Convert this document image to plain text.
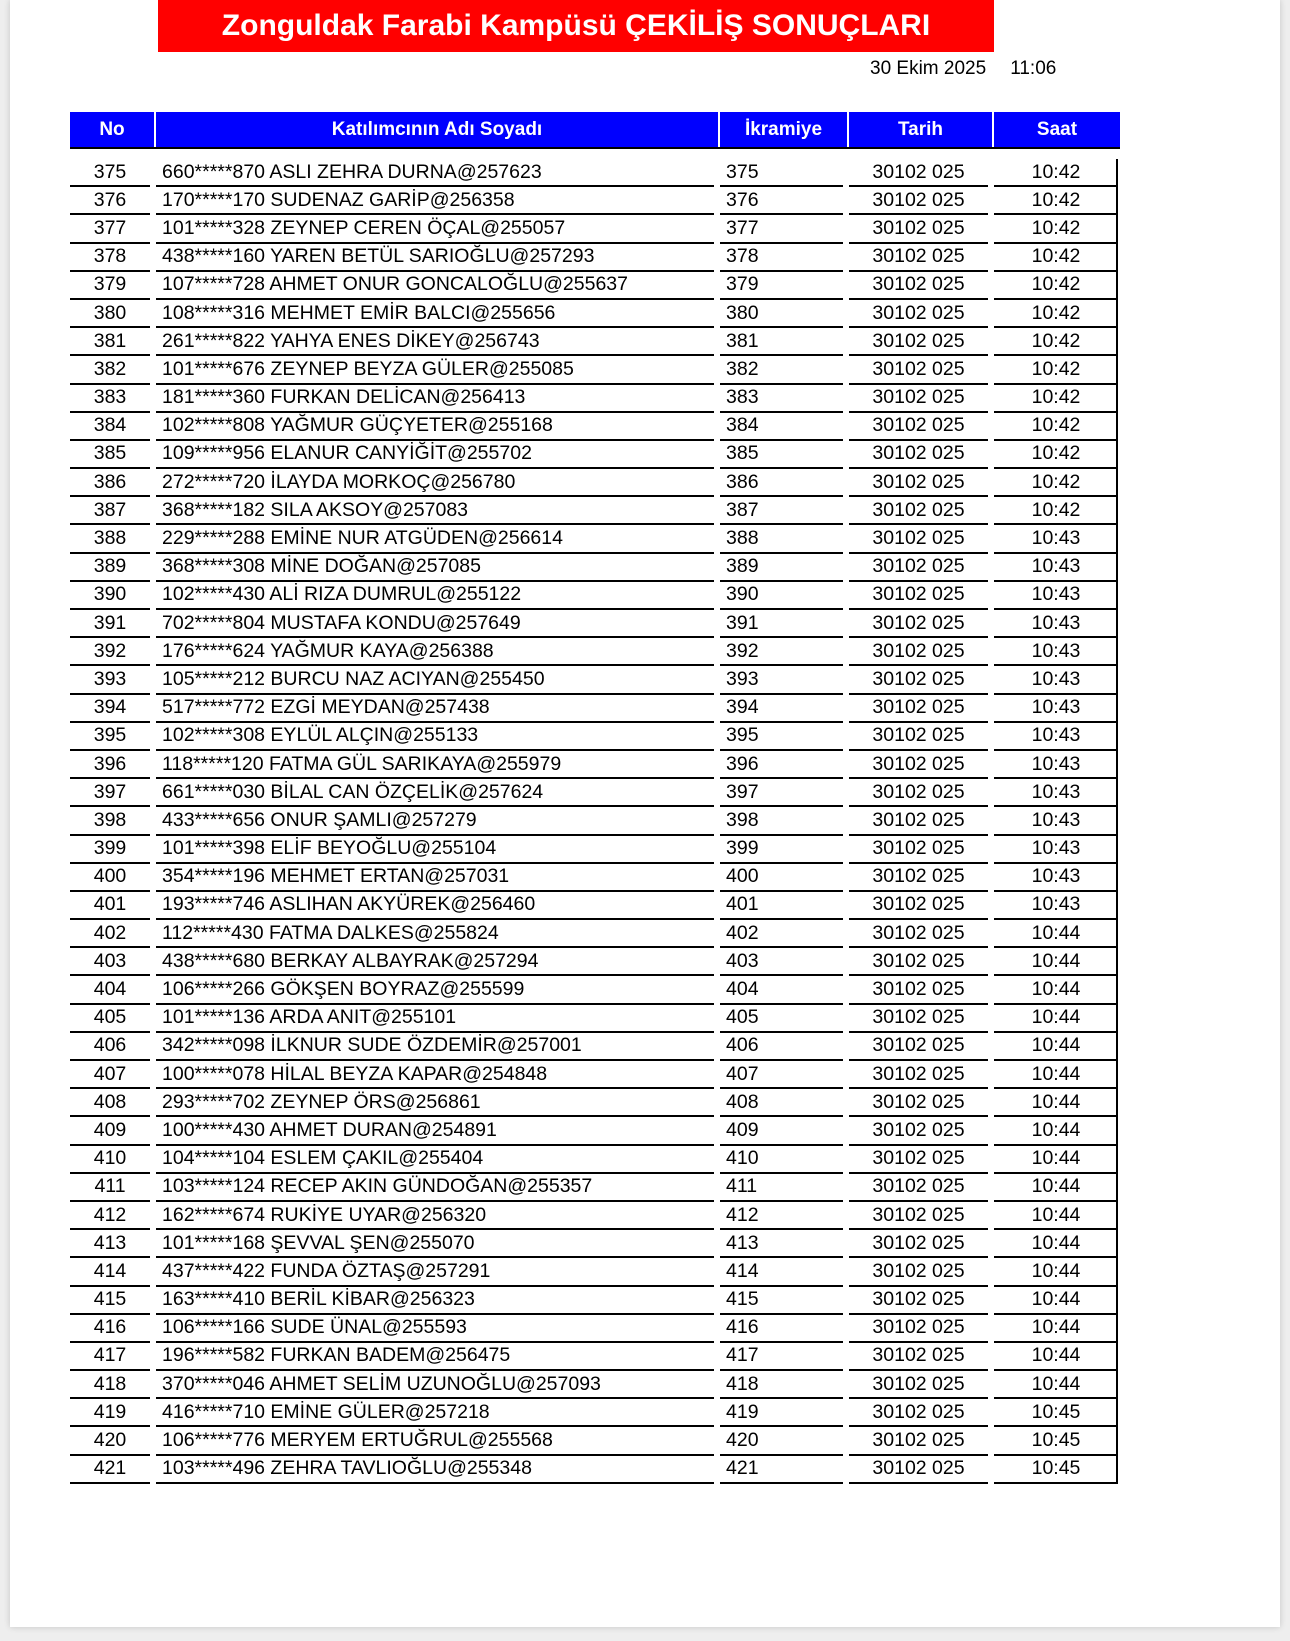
Zonguldak Farabi Kampüsü ÇEKİLİŞ SONUÇLARI
30 Ekim 2025 11:06
No	Katılımcının Adı Soyadı	İkramiye	Tarih	Saat
375	660*****870 ASLI ZEHRA DURNA@257623	375	30102 025	10:42
376	170*****170 SUDENAZ GARİP@256358	376	30102 025	10:42
377	101*****328 ZEYNEP CEREN ÖÇAL@255057	377	30102 025	10:42
378	438*****160 YAREN BETÜL SARIOĞLU@257293	378	30102 025	10:42
379	107*****728 AHMET ONUR GONCALOĞLU@255637	379	30102 025	10:42
380	108*****316 MEHMET EMİR BALCI@255656	380	30102 025	10:42
381	261*****822 YAHYA ENES DİKEY@256743	381	30102 025	10:42
382	101*****676 ZEYNEP BEYZA GÜLER@255085	382	30102 025	10:42
383	181*****360 FURKAN DELİCAN@256413	383	30102 025	10:42
384	102*****808 YAĞMUR GÜÇYETER@255168	384	30102 025	10:42
385	109*****956 ELANUR CANYİĞİT@255702	385	30102 025	10:42
386	272*****720 İLAYDA MORKOÇ@256780	386	30102 025	10:42
387	368*****182 SILA AKSOY@257083	387	30102 025	10:42
388	229*****288 EMİNE NUR ATGÜDEN@256614	388	30102 025	10:43
389	368*****308 MİNE DOĞAN@257085	389	30102 025	10:43
390	102*****430 ALİ RIZA DUMRUL@255122	390	30102 025	10:43
391	702*****804 MUSTAFA KONDU@257649	391	30102 025	10:43
392	176*****624 YAĞMUR KAYA@256388	392	30102 025	10:43
393	105*****212 BURCU NAZ ACIYAN@255450	393	30102 025	10:43
394	517*****772 EZGİ MEYDAN@257438	394	30102 025	10:43
395	102*****308 EYLÜL ALÇIN@255133	395	30102 025	10:43
396	118*****120 FATMA GÜL SARIKAYA@255979	396	30102 025	10:43
397	661*****030 BİLAL CAN ÖZÇELİK@257624	397	30102 025	10:43
398	433*****656 ONUR ŞAMLI@257279	398	30102 025	10:43
399	101*****398 ELİF BEYOĞLU@255104	399	30102 025	10:43
400	354*****196 MEHMET ERTAN@257031	400	30102 025	10:43
401	193*****746 ASLIHAN AKYÜREK@256460	401	30102 025	10:43
402	112*****430 FATMA DALKES@255824	402	30102 025	10:44
403	438*****680 BERKAY ALBAYRAK@257294	403	30102 025	10:44
404	106*****266 GÖKŞEN BOYRAZ@255599	404	30102 025	10:44
405	101*****136 ARDA ANIT@255101	405	30102 025	10:44
406	342*****098 İLKNUR SUDE ÖZDEMİR@257001	406	30102 025	10:44
407	100*****078 HİLAL BEYZA KAPAR@254848	407	30102 025	10:44
408	293*****702 ZEYNEP ÖRS@256861	408	30102 025	10:44
409	100*****430 AHMET DURAN@254891	409	30102 025	10:44
410	104*****104 ESLEM ÇAKIL@255404	410	30102 025	10:44
411	103*****124 RECEP AKIN GÜNDOĞAN@255357	411	30102 025	10:44
412	162*****674 RUKİYE UYAR@256320	412	30102 025	10:44
413	101*****168 ŞEVVAL ŞEN@255070	413	30102 025	10:44
414	437*****422 FUNDA ÖZTAŞ@257291	414	30102 025	10:44
415	163*****410 BERİL KİBAR@256323	415	30102 025	10:44
416	106*****166 SUDE ÜNAL@255593	416	30102 025	10:44
417	196*****582 FURKAN BADEM@256475	417	30102 025	10:44
418	370*****046 AHMET SELİM UZUNOĞLU@257093	418	30102 025	10:44
419	416*****710 EMİNE GÜLER@257218	419	30102 025	10:45
420	106*****776 MERYEM ERTUĞRUL@255568	420	30102 025	10:45
421	103*****496 ZEHRA TAVLIOĞLU@255348	421	30102 025	10:45
